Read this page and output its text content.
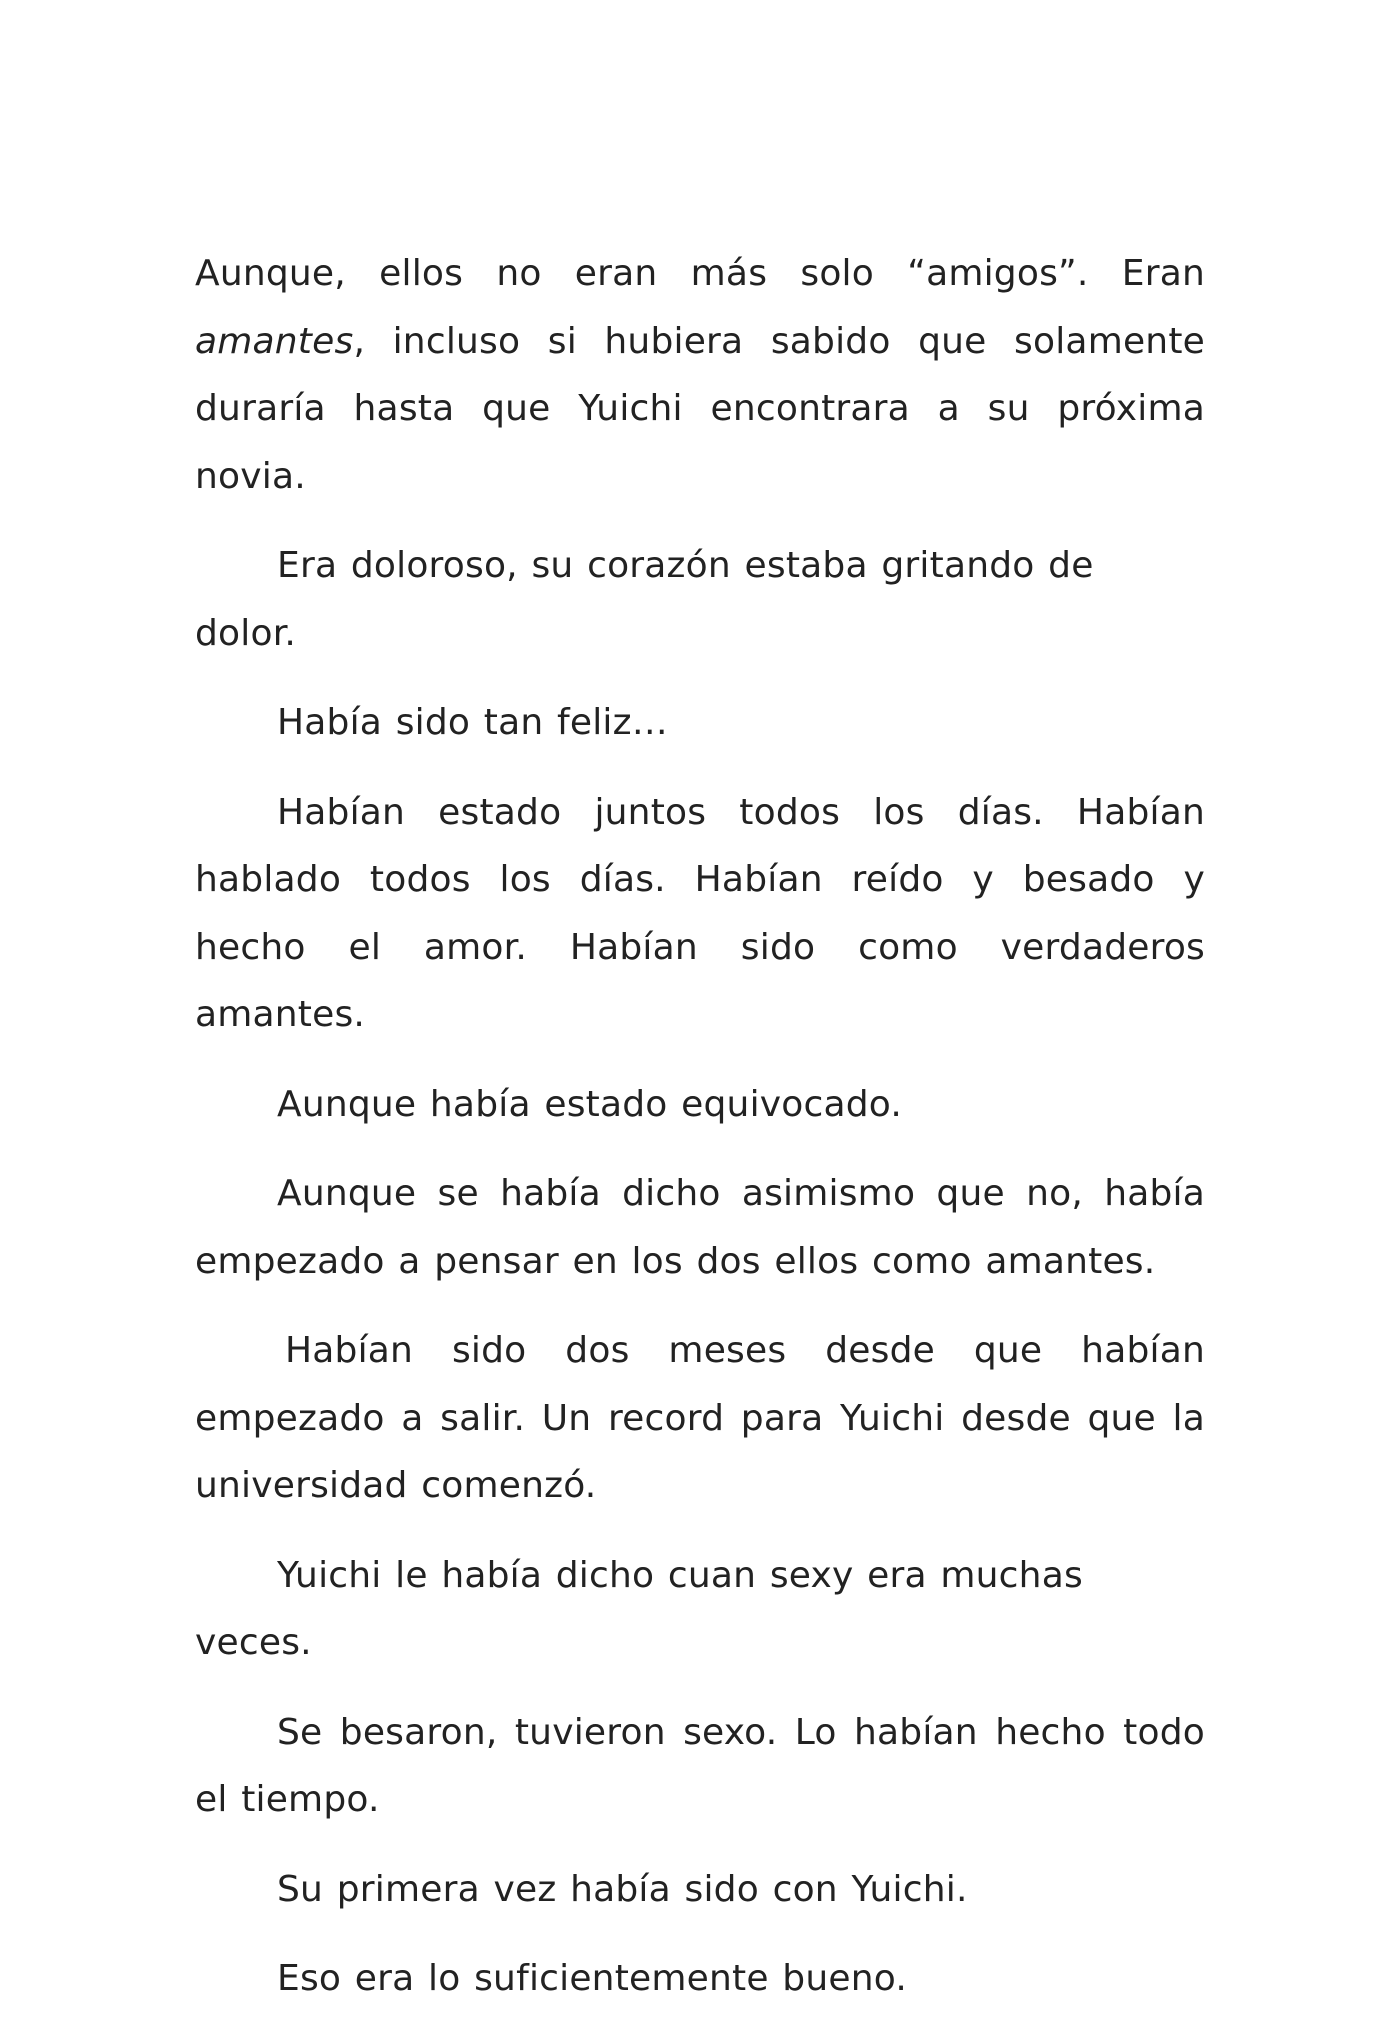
Aunque, ellos no eran más solo “amigos”. Eran amantes, incluso si hubiera sabido que solamente duraría hasta que Yuichi encontrara a su próxima novia.

Era doloroso, su corazón estaba gritando de dolor.

Había sido tan feliz…

Habían estado juntos todos los días. Habían hablado todos los días. Habían reído y besado y hecho el amor. Habían sido como verdaderos amantes.

Aunque había estado equivocado.

Aunque se había dicho asimismo que no, había empezado a pensar en los dos ellos como amantes.

Habían sido dos meses desde que habían empezado a salir. Un record para Yuichi desde que la universidad comenzó.

Yuichi le había dicho cuan sexy era muchas veces.

Se besaron, tuvieron sexo. Lo habían hecho todo el tiempo.

Su primera vez había sido con Yuichi.

Eso era lo suficientemente bueno.
